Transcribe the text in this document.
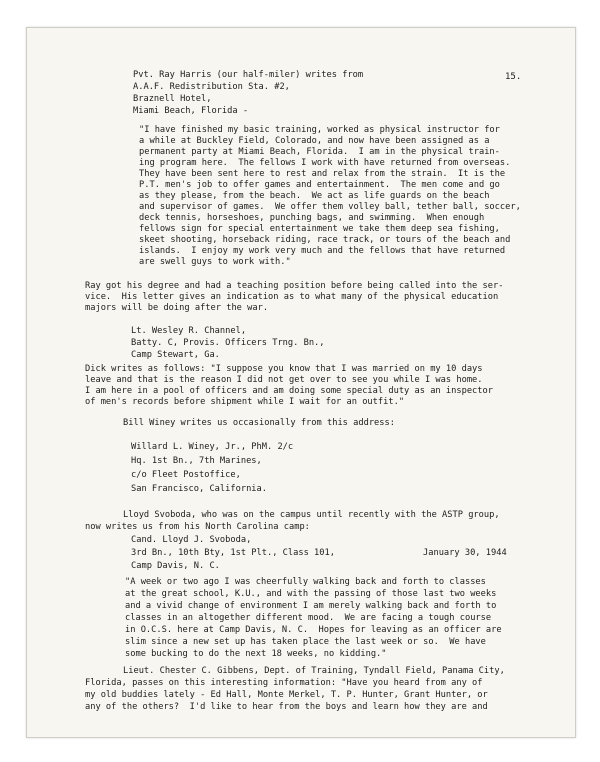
15.

Pvt. Ray Harris (our half-miler) writes from

A.A.F. Redistribution Sta. #2,

Braznell Hotel,

Miami Beach, Florida -

"I have finished my basic training, worked as physical instructor for

a while at Buckley Field, Colorado, and now have been assigned as a

permanent party at Miami Beach, Florida.  I am in the physical train-

ing program here.  The fellows I work with have returned from overseas.

They have been sent here to rest and relax from the strain.  It is the

P.T. men's job to offer games and entertainment.  The men come and go

as they please, from the beach.  We act as life guards on the beach

and supervisor of games.  We offer them volley ball, tether ball, soccer,

deck tennis, horseshoes, punching bags, and swimming.  When enough

fellows sign for special entertainment we take them deep sea fishing,

skeet shooting, horseback riding, race track, or tours of the beach and

islands.  I enjoy my work very much and the fellows that have returned

are swell guys to work with."

Ray got his degree and had a teaching position before being called into the ser-

vice.  His letter gives an indication as to what many of the physical education

majors will be doing after the war.

Lt. Wesley R. Channel,

Batty. C, Provis. Officers Trng. Bn.,

Camp Stewart, Ga.

Dick writes as follows: "I suppose you know that I was married on my 10 days

leave and that is the reason I did not get over to see you while I was home.

I am here in a pool of officers and am doing some special duty as an inspector

of men's records before shipment while I wait for an outfit."

Bill Winey writes us occasionally from this address:

Willard L. Winey, Jr., PhM. 2/c

Hq. 1st Bn., 7th Marines,

c/o Fleet Postoffice,

San Francisco, California.

Lloyd Svoboda, who was on the campus until recently with the ASTP group,

now writes us from his North Carolina camp:

Cand. Lloyd J. Svoboda,

3rd Bn., 10th Bty, 1st Plt., Class 101,

Camp Davis, N. C.

January 30, 1944

"A week or two ago I was cheerfully walking back and forth to classes

at the great school, K.U., and with the passing of those last two weeks

and a vivid change of environment I am merely walking back and forth to

classes in an altogether different mood.  We are facing a tough course

in O.C.S. here at Camp Davis, N. C.  Hopes for leaving as an officer are

slim since a new set up has taken place the last week or so.  We have

some bucking to do the next 18 weeks, no kidding."

Lieut. Chester C. Gibbens, Dept. of Training, Tyndall Field, Panama City,

Florida, passes on this interesting information: "Have you heard from any of

my old buddies lately - Ed Hall, Monte Merkel, T. P. Hunter, Grant Hunter, or

any of the others?  I'd like to hear from the boys and learn how they are and
